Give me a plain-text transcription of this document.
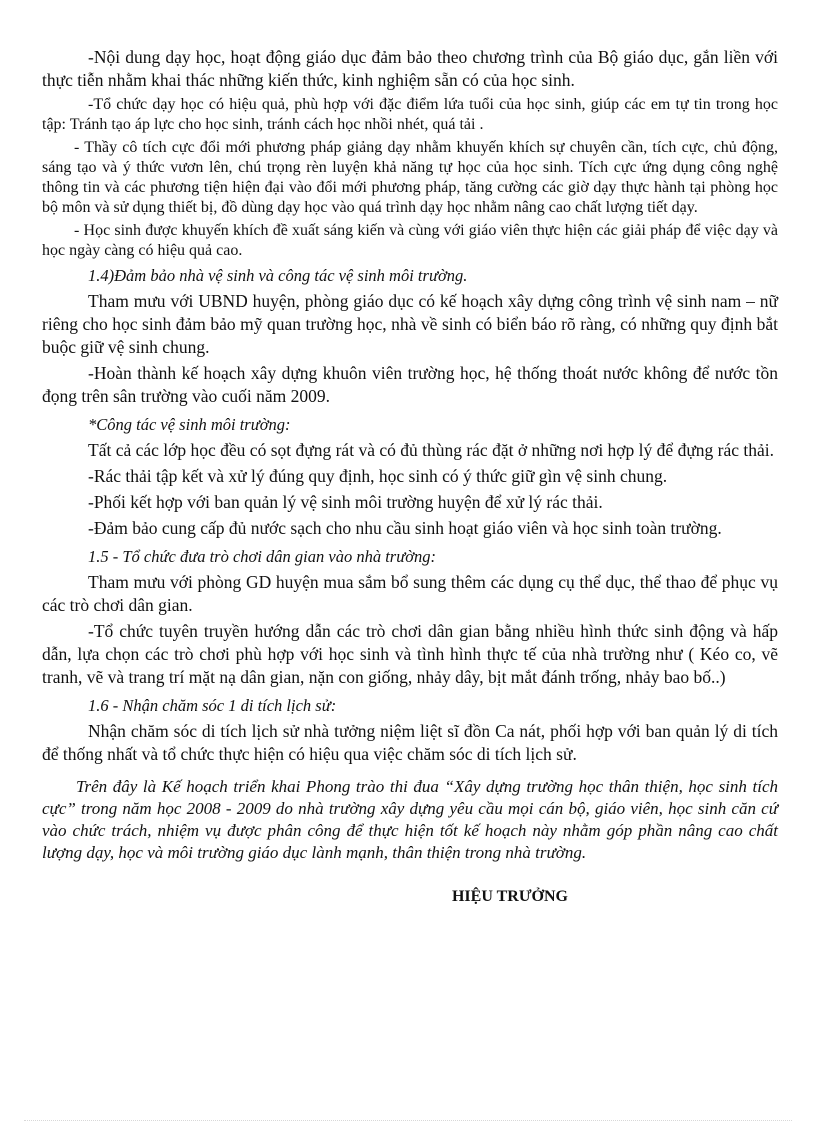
-Nội dung dạy học, hoạt động giáo dục đảm bảo theo chương trình của Bộ giáo dục, gắn liền với thực tiễn nhằm khai thác những kiến thức, kinh nghiệm sẵn có của học sinh.

-Tổ chức dạy học có hiệu quả, phù hợp với đặc điểm lứa tuổi của học sinh, giúp các em tự tin trong học tập: Tránh tạo áp lực cho học sinh, tránh cách học nhồi nhét, quá tải .

- Thầy cô tích cực đổi mới phương pháp giảng dạy nhằm khuyến khích sự chuyên cần, tích cực, chủ động, sáng tạo và ý thức vươn lên, chú trọng rèn luyện khả năng tự học của học sinh. Tích cực ứng dụng công nghệ thông tin và các phương tiện hiện đại vào đổi mới phương pháp, tăng cường các giờ dạy thực hành tại phòng học bộ môn và sử dụng thiết bị, đồ dùng dạy học vào quá trình dạy học nhằm nâng cao chất lượng tiết dạy.

- Học sinh được khuyến khích đề xuất sáng kiến và cùng với giáo viên thực hiện các giải pháp để việc dạy và học ngày càng có hiệu quả cao.

1.4)Đảm bảo nhà vệ sinh và công tác vệ sinh môi trường.

Tham mưu với UBND huyện, phòng giáo dục có kế hoạch xây dựng công trình vệ sinh nam – nữ riêng cho học sinh đảm bảo mỹ quan trường học, nhà về sinh có biển báo rõ ràng, có những quy định bắt buộc giữ vệ sinh chung.

-Hoàn thành kế hoạch xây dựng khuôn viên trường học, hệ thống thoát nước không để nước tồn đọng trên sân trường vào cuối năm 2009.

*Công tác vệ sinh môi trường:

Tất cả các lớp học đều có sọt đựng rát và có đủ thùng rác đặt ở những nơi hợp lý để đựng rác thải.

-Rác thải tập kết và xử lý đúng quy định, học sinh có ý thức giữ gìn vệ sinh chung.

-Phối kết hợp với ban quản lý vệ sinh môi trường huyện để xử lý rác thải.

-Đảm bảo cung cấp đủ nước sạch cho nhu cầu sinh hoạt giáo viên và học sinh toàn trường.

1.5 - Tổ chức đưa trò chơi dân gian vào nhà trường:

Tham mưu với phòng GD huyện mua sắm bổ sung thêm các dụng cụ thể dục, thể thao để phục vụ các trò chơi dân gian.

-Tổ chức tuyên truyền hướng dẫn các trò chơi dân gian bằng nhiều hình thức sinh động và hấp dẫn, lựa chọn các trò chơi phù hợp với học sinh và tình hình thực tế của nhà trường như ( Kéo co, vẽ tranh, vẽ và trang trí mặt nạ dân gian, nặn con giống, nhảy dây, bịt mắt đánh trống, nhảy bao bố..)

1.6 - Nhận chăm sóc 1 di tích lịch sử:

Nhận chăm sóc di tích lịch sử nhà tưởng niệm liệt sĩ đồn Ca nát, phối hợp với ban quản lý di tích để thống nhất và tổ chức thực hiện có hiệu qua việc chăm sóc di tích lịch sử.

Trên đây là Kế hoạch triển khai Phong trào thi đua “Xây dựng trường học thân thiện, học sinh tích cực” trong năm học 2008 - 2009 do nhà trường xây dựng yêu cầu mọi cán bộ, giáo viên, học sinh căn cứ vào chức trách, nhiệm vụ được phân công để thực hiện tốt kế hoạch này nhằm góp phần nâng cao chất lượng dạy, học và môi trường giáo dục lành mạnh, thân thiện trong nhà trường.

HIỆU TRƯỞNG
